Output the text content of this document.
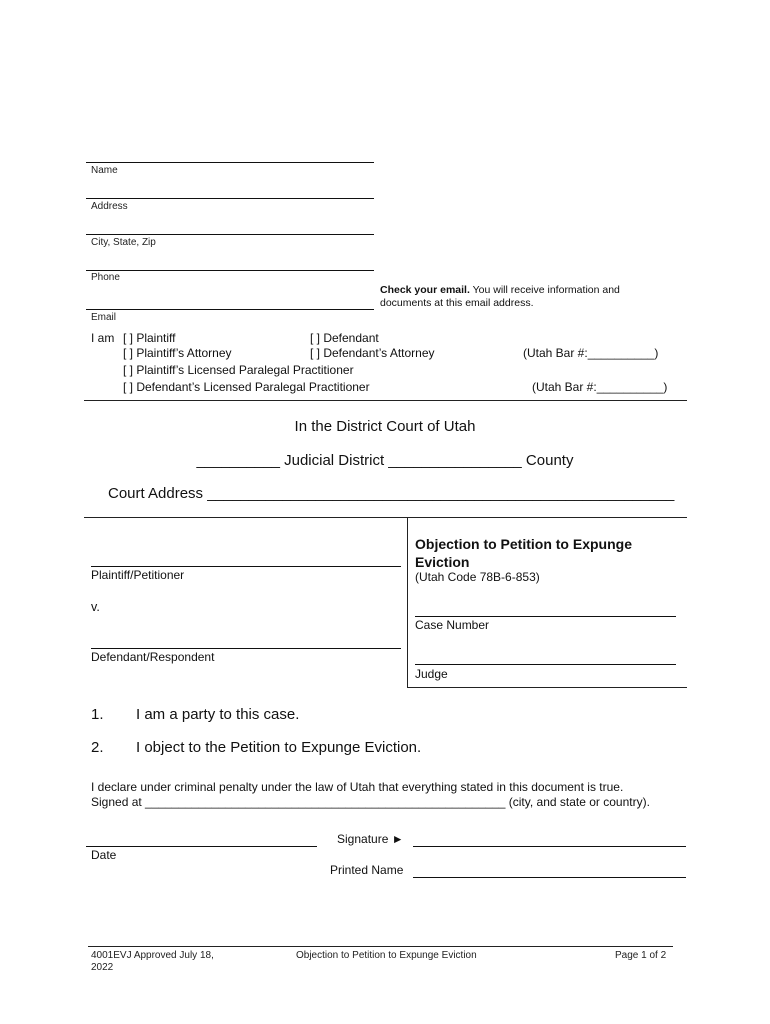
Name
Address
City, State, Zip
Phone
Email
Check your email. You will receive information and
documents at this email address.
I am [ ] Plaintiff	[ ] Defendant
[ ] Plaintiff’s Attorney	[ ] Defendant’s Attorney	(Utah Bar #:__________)
[ ] Plaintiff’s Licensed Paralegal Practitioner
[ ] Defendant’s Licensed Paralegal Practitioner	(Utah Bar #:__________)
In the District Court of Utah
__________ Judicial District ________________ County
Court Address ________________________________________________________
Plaintiff/Petitioner
v.
Defendant/Respondent
Objection to Petition to Expunge
Eviction
(Utah Code 78B-6-853)
Case Number
Judge
1. I am a party to this case.
2. I object to the Petition to Expunge Eviction.
I declare under criminal penalty under the law of Utah that everything stated in this document is true.
Signed at ______________________________________________________ (city, and state or country).
Date
Signature ►
Printed Name
4001EVJ Approved July 18,
2022
Objection to Petition to Expunge Eviction	Page 1 of 2
